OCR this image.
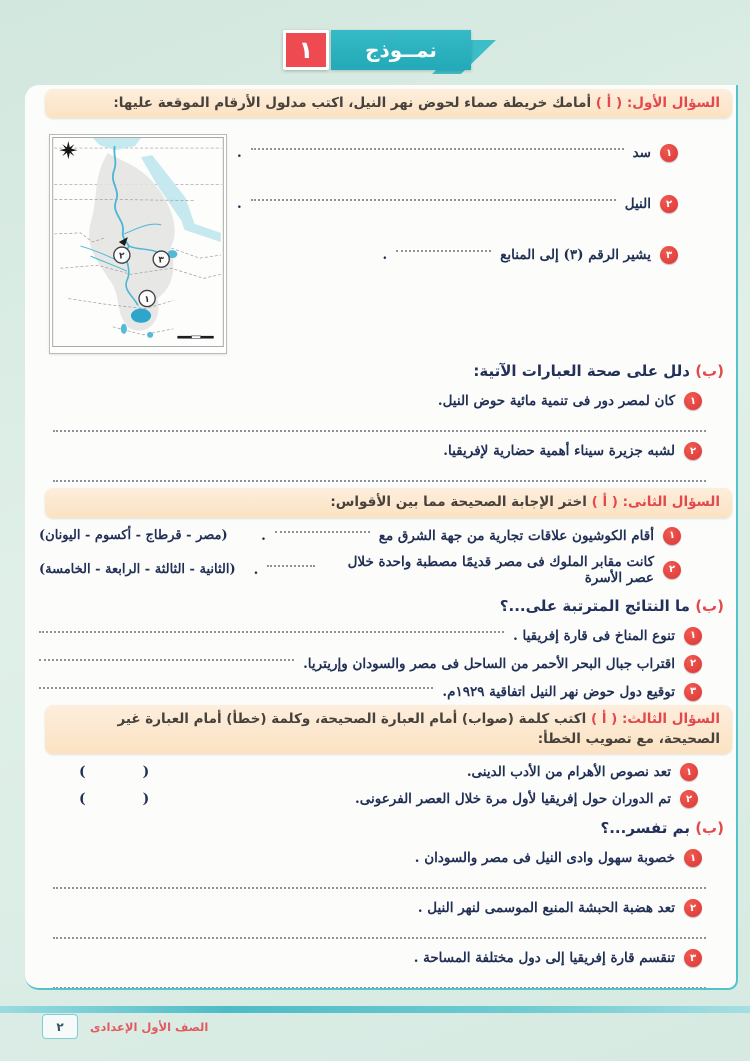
١	نمــوذج
السؤال الأول: ( أ ) أمامك خريطة صماء لحوض نهر النيل، اكتب مدلول الأرقام الموقعة عليها:
١
سد
.
٢
النيل
.
٣
يشير الرقم (٣) إلى المنابع
.
٢	٣
١
(ب) دلل على صحة العبارات الآتية:
١
كان لمصر دور فى تنمية مائية حوض النيل.
٢
لشبه جزيرة سيناء أهمية حضارية لإفريقيا.
السؤال الثانى: ( أ ) اختر الإجابة الصحيحة مما بين الأقواس:
١
أقام الكوشيون علاقات تجارية من جهة الشرق مع
.
(مصر - قرطاج - أكسوم - اليونان)
٢
كانت مقابر الملوك فى مصر قديمًا مصطبة واحدة خلال عصر الأسرة
.
(الثانية - الثالثة - الرابعة - الخامسة)
(ب) ما النتائج المترتبة على...؟
١
تنوع المناخ فى قارة إفريقيا .
٢
اقتراب جبال البحر الأحمر من الساحل فى مصر والسودان وإريتريا.
٣
توقيع دول حوض نهر النيل اتفاقية ١٩٢٩م.
السؤال الثالث: ( أ ) اكتب كلمة (صواب) أمام العبارة الصحيحة، وكلمة (خطأ) أمام العبارة غير الصحيحة، مع تصويب الخطأ:
١
تعد نصوص الأهرام من الأدب الدينى.
(        )
٢
تم الدوران حول إفريقيا لأول مرة خلال العصر الفرعونى.
(        )
(ب) بم تفسر...؟
١
خصوبة سهول وادى النيل فى مصر والسودان .
٢
تعد هضبة الحبشة المنبع الموسمى لنهر النيل .
٣
تنقسم قارة إفريقيا إلى دول مختلفة المساحة .
٢	الصف الأول الإعدادى
